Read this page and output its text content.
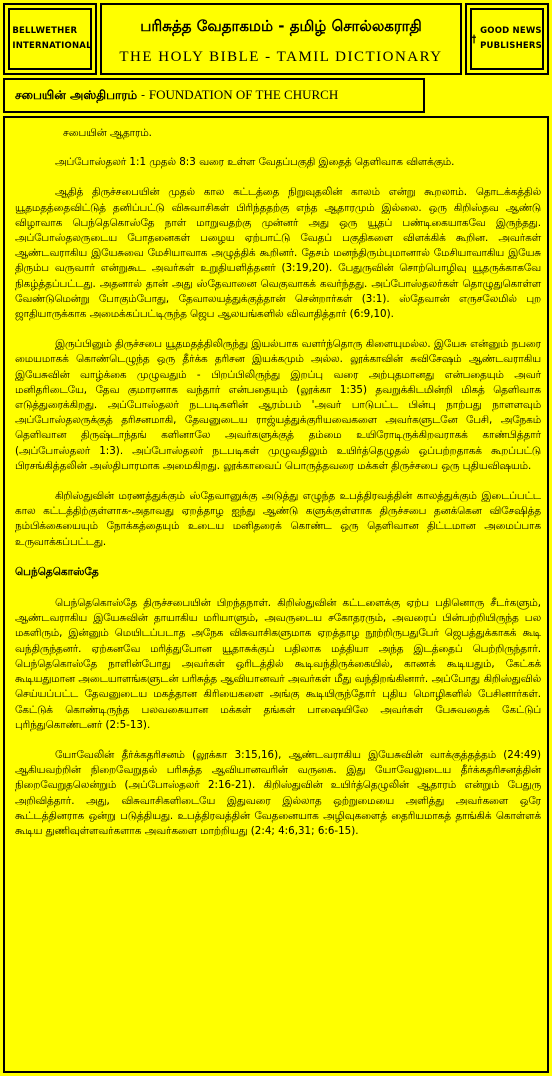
BELLWETHER
INTERNATIONAL
பரிசுத்த வேதாகமம் - தமிழ் சொல்லகராதி
THE HOLY BIBLE - TAMIL DICTIONARY
GOOD NEWS
PUBLISHERS
சபையின் அஸ்திபாரம் - FOUNDATION OF THE CHURCH

சபையின் ஆதாரம்.

அப்போஸ்தலர் 1:1 முதல் 8:3 வரை உள்ள வேதப்பகுதி இதைத் தெளிவாக விளக்கும்.

ஆதித் திருச்சபையின் முதல் கால கட்டத்தை நிறுவுதலின் காலம் என்று கூறலாம். தொடக்கத்தில் யூதமதத்தைவிட்டுத் தனிப்பட்டு விசுவாசிகள் பிரிந்ததற்கு எந்த ஆதாரமும் இல்லை. ஒரு கிறிஸ்தவ ஆண்டு விழாவாக பெந்தெகொஸ்தே நாள் மாறுவதற்கு முன்னர் அது ஒரு யூதப் பண்டிகையாகவே இருந்தது. அப்போஸ்தலருடைய போதனைகள் பழைய ஏற்பாட்டு வேதப் பகுதிகளை விளக்கிக் கூறின. அவர்கள் ஆண்டவராகிய இயேசுவை மேசியாவாக அழுத்திக் கூறினர். தேசம் மனந்திரும்புமானால் மேசியாவாகிய இயேசு திரும்ப வருவார் என்றுகூட அவர்கள் உறுதியளித்தனர் (3:19,20). பேதுருவின் சொற்பொழிவு யூதருக்காகவே நிகழ்த்தப்பட்டது. அதனால் தான் அது ஸ்தேவானை வெகுவாகக் கவர்ந்தது. அப்போஸ்தலர்கள் தொழுதுகொள்ள வேண்டுமென்று போகும்போது, தேவாலயத்துக்குத்தான் சென்றார்கள் (3:1). ஸ்தேவான் எருசலேமில் புற ஜாதியாருக்காக அமைக்கப்பட்டிருந்த ஜெப ஆலயங்களில் விவாதித்தார் (6:9,10).

இருப்பினும் திருச்சபை யூதமதத்திலிருந்து இயல்பாக வளர்ந்தொரு கிளையுமல்ல. இயேசு என்னும் நபரை மையமாகக் கொண்டெழுந்த ஒரு தீர்க்க தரிசன இயக்கமும் அல்ல. லூக்காவின் சுவிசேஷம் ஆண்டவராகிய இயேசுவின் வாழ்க்கை முழுவதும் - பிறப்பிலிருந்து இறப்பு வரை அற்புதமானது என்பதையும் அவர் மனிதரிடையே, தேவ குமாரனாக வந்தார் என்பதையும் (லூக்கா 1:35) தவறுக்கிடமின்றி மிகத் தெளிவாக எடுத்துரைக்கிறது. அப்போஸ்தலர் நடபடிகளின் ஆரம்பம் 'அவர் பாடுபட்ட பின்பு நாற்பது நாளளவும் அப்போஸ்தலருக்குத் தரிசனமாகி, தேவனுடைய ராஜ்யத்துக்குரியவைகளை அவர்களுடனே பேசி, அநேகம் தெளிவான திருஷ்டாந்தங் களினாலே அவர்களுக்குத் தம்மை உயிரோடிருக்கிறவராகக் காண்பித்தார் (அப்போஸ்தலர் 1:3). அப்போஸ்தலர் நடபடிகள் முழுவதிலும் உயிர்த்தெழுதல் ஒப்பற்றதாகக் கூறப்பட்டு பிரசங்கித்தலின் அஸ்திபாரமாக அமைகிறது. லூக்காவைப் பொருத்தவரை மக்கள் திருச்சபை ஒரு புதியவிஷயம்.

கிறிஸ்துவின் மரணத்துக்கும் ஸ்தேவானுக்கு அடுத்து எழுந்த உபத்திரவத்தின் காலத்துக்கும் இடைப்பட்ட கால கட்டத்திற்குள்ளாக-அதாவது ஏறத்தாழ ஐந்து ஆண்டு களுக்குள்ளாக திருச்சபை தனக்கென விசேஷித்த நம்பிக்கையையும் நோக்கத்தையும் உடைய மனிதரைக் கொண்ட ஒரு தெளிவான திட்டமான அமைப்பாக உருவாக்கப்பட்டது.

பெந்தெகொஸ்தே

பெந்தெகொஸ்தே திருச்சபையின் பிறந்தநாள். கிறிஸ்துவின் கட்டளைக்கு ஏற்ப பதினொரு சீடர்களும், ஆண்டவராகிய இயேசுவின் தாயாகிய மரியாளும், அவருடைய சகோதரரும், அவரைப் பின்பற்றியிருந்த பல மகளிரும், இன்னும் மெயிடப்படாத அநேக விசுவாசிகளுமாக ஏறத்தாழ நூற்றிருபதுபேர் ஜெபத்துக்காகக் கூடி வந்திருந்தனர். ஏற்கனவே மரித்துபோன யூதாசுக்குப் பதிலாக மத்தியா அந்த இடத்தைப் பெற்றிருந்தார். பெந்தெகொஸ்தே நாளின்போது அவர்கள் ஒரிடத்தில் கூடிவந்திருக்கையில், காணக் கூடியதும், கேட்கக் கூடியதுமான அடையாளங்களுடன் பரிசுத்த ஆவியானவர் அவர்கள் மீது வந்திறங்கினார். அப்போது கிறிஸ்துவில் செய்யப்பட்ட தேவனுடைய மகத்தான கிரியைகளை அங்கு கூடியிருந்தோர் புதிய மொழிகளில் பேசினார்கள். கேட்டுக் கொண்டிருந்த பலவகையான மக்கள் தங்கள் பாஷையிலே அவர்கள் பேசுவதைக் கேட்டுப் புரிந்துகொண்டனர் (2:5-13).

யோவேலின் தீர்க்கதரிசனம் (லூக்கா 3:15,16), ஆண்டவராகிய இயேசுவின் வாக்குத்தத்தம் (24:49) ஆகியவற்றின் நிறைவேறுதல் பரிசுத்த ஆவியானவரின் வருகை. இது யோவேலுடைய தீர்க்கதரிசனத்தின் நிறைவேறுதலென்றும் (அப்போஸ்தலர் 2:16-21). கிறிஸ்துவின் உயிர்த்தெழுலின் ஆதாரம் என்றும் பேதுரு அறிவித்தார். அது, விசுவாசிகளிடையே இதுவரை இல்லாத ஒற்றுமையை அளித்து அவர்களை ஒரே கூட்டத்தினராக ஒன்று படுத்தியது. உபத்திரவத்தின் வேதனையாக அழிவுகளைத் தைரியமாகத் தாங்கிக் கொள்ளக் கூடிய துணிவுள்ளவர்களாக அவர்களை மாற்றியது (2:4; 4:6,31; 6:6-15).
